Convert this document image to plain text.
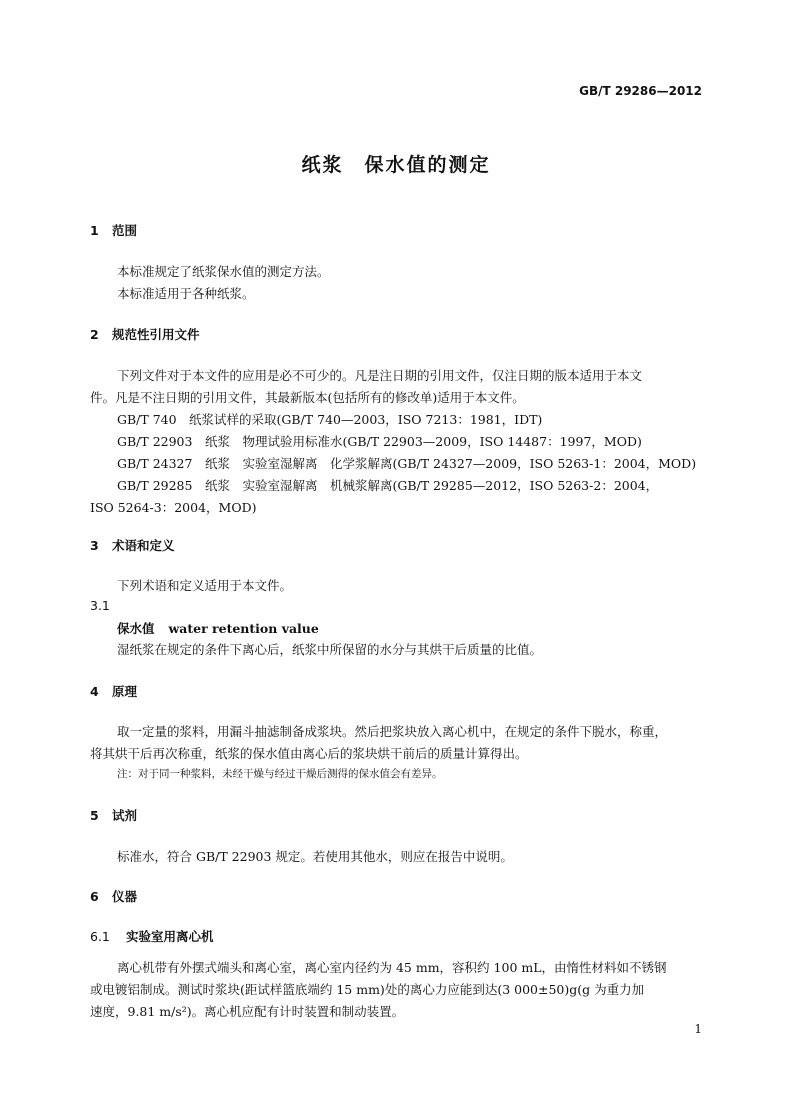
GB/T 29286—2012
纸浆　保水值的测定
1 范围
本标准规定了纸浆保水值的测定方法。
本标准适用于各种纸浆。
2 规范性引用文件
下列文件对于本文件的应用是必不可少的。凡是注日期的引用文件，仅注日期的版本适用于本文
件。凡是不注日期的引用文件，其最新版本(包括所有的修改单)适用于本文件。
GB/T 740　纸浆试样的采取(GB/T 740—2003，ISO 7213：1981，IDT)
GB/T 22903　纸浆　物理试验用标准水(GB/T 22903—2009，ISO 14487：1997，MOD)
GB/T 24327　纸浆　实验室湿解离　化学浆解离(GB/T 24327—2009，ISO 5263-1：2004，MOD)
GB/T 29285　纸浆　实验室湿解离　机械浆解离(GB/T 29285—2012，ISO 5263-2：2004，
ISO 5264-3：2004，MOD)
3 术语和定义
下列术语和定义适用于本文件。
3.1
保水值 water retention value
湿纸浆在规定的条件下离心后，纸浆中所保留的水分与其烘干后质量的比值。
4 原理
取一定量的浆料，用漏斗抽滤制备成浆块。然后把浆块放入离心机中，在规定的条件下脱水，称重，
将其烘干后再次称重，纸浆的保水值由离心后的浆块烘干前后的质量计算得出。
注：对于同一种浆料，未经干燥与经过干燥后测得的保水值会有差异。
5 试剂
标准水，符合 GB/T 22903 规定。若使用其他水，则应在报告中说明。
6 仪器
6.1 实验室用离心机
离心机带有外摆式端头和离心室，离心室内径约为 45 mm，容积约 100 mL，由惰性材料如不锈钢
或电镀铝制成。测试时浆块(距试样篮底端约 15 mm)处的离心力应能到达(3 000±50)g(g 为重力加
速度，9.81 m/s²)。离心机应配有计时装置和制动装置。
1
